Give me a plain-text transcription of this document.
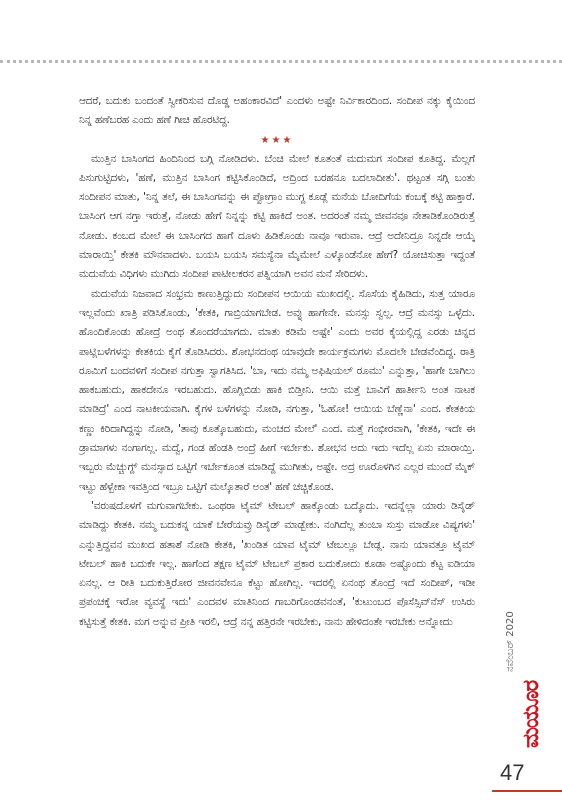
ಆದರೆ, ಬದುಕು ಬಂದಂತೆ ಸ್ವೀಕರಿಸುವ ದೊಡ್ಡ ಅಹಂಕಾರವಿದೆ' ಎಂದಳು ಅಷ್ಟೇ ನಿರ್ವಿಕಾರದಿಂದ. ಸಂದೀಪ ನಕ್ಕು ಕೈಯಿಂದ ನಿನ್ನ ಹಣೆಬರಹ ಎಂದು ಹಣೆ ಗೀಚಿ ಹೊರಟಿದ್ದ.

★★★

ಮುತ್ತಿನ ಬಾಸಿಂಗದ ಹಿಂದಿನಿಂದ ಬಗ್ಗಿ ನೋಡಿದಳು. ಬೆಂಚಿ ಮೇಲೆ ಕೂತಂತೆ ಮದುಮಗ ಸಂದೀಪ ಕೂತಿದ್ದ. ಮೆಲ್ಲಗೆ ಪಿಸುಗುಟ್ಟಿದಳು, 'ಹಣೆ, ಮುತ್ತಿನ ಬಾಸಿಂಗ ಕಟ್ಟಿಸಿಕೊಂಡಿದೆ, ಅದ್ರಿಂದ ಬರಹನೂ ಬದಲಾದೀತು'. ಥಟ್ಟಂತ ಸಗ್ಗಿ ಬಂತು ಸಂದೀಪನ ಮಾತು, 'ನಿನ್ನ ತಲೆ, ಈ ಬಾಸಿಂಗವನ್ನು ಈ ಪ್ಪೋಗ್ರಾಂ ಮುಗ್ದ ಕೂಡ್ಲೆ ಮನೆಯ ಬೋದಿಗೆಯ ಕಂಬಕ್ಕೆ ಕಟ್ಟಿ ಹಾಕ್ತಾರೆ. ಬಾಸಿಂಗ ಆಗ ನಗ್ತಾ ಇರುತ್ತೆ, ನೋಡು ಹೇಗೆ ನಿನ್ನನ್ನು ಕಟ್ಟಿ ಹಾಕಿದೆ ಅಂತ. ಅದರಂತೆ ನಮ್ಮ ಜೀವನವೂ ನೇತಾಡಿಕೊಂಡಿರುತ್ತೆ ನೋಡು. ಕಂಬದ ಮೇಲೆ ಈ ಬಾಸಿಂಗದ ಹಾಗೆ ದೂಳು ಹಿಡಿಕೊಂಡು ನಾವೂ ಇರುವಾ. ಆದ್ರೆ ಅದೇನಿದ್ರೂ ನಿನ್ನದೇ ಆಯ್ಕೆ ಮಾರಾಯ್ತಿ' ಕೇತಕಿ ಮೌನವಾದಳು. ಬಯಸಿ ಬಯಸಿ ಸಮಸ್ಯೆನಾ ಮೈಮೇಲೆ ಎಳ್ಕೊಂಡೆನೋ ಹೇಗೆ? ಯೋಚಿಸುತ್ತಾ ಇದ್ದಂತೆ ಮದುವೆಯ ವಿಧಿಗಳು ಮುಗಿದು ಸಂದೀಪ ಪಾಟೀಲಕರನ ಪತ್ನಿಯಾಗಿ ಅವನ ಮನೆ ಸೇರಿದಳು.

ಮದುವೆಯ ನಿಜವಾದ ಸಂಭ್ರಮ ಕಾಣುತ್ತಿದ್ದುದು ಸಂದೀಪನ ಆಯಿಯ ಮುಖದಲ್ಲಿ. ಸೊಸೆಯ ಕೈಹಿಡಿದು, ಸುತ್ತ ಯಾರೂ ಇಲ್ಲವೆಂದು ಖಾತ್ರಿ ಪಡಿಸಿಕೊಂಡು, 'ಕೇತಕಿ, ಗಾಬ್ರಿಯಾಗಬೇಡ. ಅವ್ನು ಹಾಗೇನೇ. ಮನಸ್ಸು ಸ್ವಲ್ಪ. ಆದ್ರೆ ಮನಸ್ಸು ಒಳ್ಳೆದು. ಹೊಂದಿಕೊಂಡು ಹೋದ್ರೆ ಅಂಥ ತೊಂದರೆಯಾಗದು. ಮಾತು ಕಡಿಮೆ ಅಷ್ಟೇ' ಎಂದು ಅವರ ಕೈಯಲ್ಲಿದ್ದ ಎರಡು ಚಿನ್ನದ ಪಾಟ್ಲಿಬಳೆಗಳನ್ನು ಕೇತಕಿಯ ಕೈಗೆ ತೊಡಿಸಿದರು. ಶೋಭನದಂಥ ಯಾವುದೇ ಕಾರ್ಯಕ್ರಮಗಳು ಮೊದಲೇ ಬೇಡವೆಂದಿದ್ದ. ರಾತ್ರಿ ರೂಮಿಗೆ ಬಂದವಳಿಗೆ ಸಂದೀಪ ನಗುತ್ತಾ ಸ್ವಾಗತಿಸಿದ. 'ಬಾ, ಇದು ನಮ್ಮ ಅಫಿಷಿಯಲ್ ರೂಮು' ಎನ್ನುತ್ತಾ, 'ಹಾಗೇ ಬಾಗಿಲು ಹಾಕಬಹುದು, ಹಾಕದೇನೂ ಇರಬಹುದು. ಹೊಗ್ಲಿಬಿಡು ಹಾಕಿ ಬಿಡ್ತೀನಿ. ಆಯಿ ಮತ್ತೆ ಬಾವಿಗೆ ಹಾರ್ತೀನಿ ಅಂತ ನಾಟಕ ಮಾಡಿದ್ರೆ' ಎಂದ ನಾಟಕೀಯವಾಗಿ. ಕೈಗಳ ಬಳೆಗಳನ್ನು ನೋಡಿ, ನಗುತ್ತಾ, 'ಓಹೋ! ಆಯಿಯ ಬೆಣ್ಣೆನಾ' ಎಂದ. ಕೇತಕಿಯ ಕಣ್ಣು ಕಿರಿದಾಗಿದ್ದನ್ನು ನೋಡಿ, 'ತಾವು ಕೂತ್ಕೊಬಹುದು, ಮಂಚದ ಮೇಲೆ' ಎಂದ. ಮತ್ತೆ ಗಂಭೀರವಾಗಿ, 'ಕೇತಕಿ, ಇದೇ ಈ ಡ್ರಾಮಾಗಳು ನಂಗಾಗಲ್ಲ. ಮದ್ವೆ, ಗಂಡ ಹೆಂಡತಿ ಅಂದ್ರೆ ಹೀಗೆ ಇರ್ಬೇಕು. ಶೋಭನ ಅದು ಇದು ಇದೆಲ್ಲ ಏನು ಮಾರಾಯ್ತಿ. ಇಬ್ಬರು ಮೆಚ್ಚುಗ್ದ್ ಮನಸ್ಸಾದ ಒಟ್ಟಿಗೆ ಇರ್ಬೇಕೂಂತ ಮಾಡಿದ್ದೆ ಮುಗೀತು, ಅಷ್ಟೇ. ಅದ್ರ ಊರೊಳಗಿನ ಎಲ್ಲರ ಮುಂದೆ ಮೈಕ್ ಇಟ್ಟು ಹೆಳ್ಬೇಕಾ ಇವತ್ತಿಂದ ಇಬ್ರೂ ಒಟ್ಟಿಗೆ ಮಲ್ಕೊತಾರೆ ಅಂತ' ಹಣೆ ಚಚ್ಚಿಕೊಂಡ.

'ವರುಷದೊಳಗೆ ಮಗುವಾಗಬೇಕು. ಒಂಥರಾ ಟೈಮ್ ಟೇಬಲ್ ಹಾಕ್ಕೊಂಡು ಬದ್ಕೊದು. ಇದನ್ನೆಲ್ಲಾ ಯಾರು ಡಿಸೈಡ್ ಮಾಡಿದ್ದು ಕೇತಕಿ. ನಮ್ಮ ಬದುಕನ್ನ ಯಾಕೆ ಬೇರೆಯವ್ರು ಡಿಸೈಡ್ ಮಾಡ್ಬೇಕು. ನಂಗಿದೆಲ್ಲ ತುಂಬಾ ಸುಸ್ತು ಮಾಡೋ ವಿಷ್ಯಗಳು' ಎನ್ನುತ್ತಿದ್ದವನ ಮುಖದ ಹತಾಶೆ ನೋಡಿ ಕೇತಕಿ, 'ಖಂಡಿತ ಯಾವ ಟೈಮ್ ಟೇಬಲ್ಲೂ ಬೇಡ್ಲ. ನಾನು ಯಾವತ್ತೂ ಟೈಮ್ ಟೇಬಲ್ ಹಾಕಿ ಬದುಕೇ ಇಲ್ಲ. ಹಾಗೆಂದ ತಕ್ಷಣ ಟೈಮ್ ಟೇಬಲ್ ಪ್ರಕಾರ ಬದುಕೋದು ಕೂಡಾ ಅಷ್ಟೊಂದು ಕೆಟ್ಟ ಐಡಿಯಾ ಏನಲ್ಲ. ಆ ರೀತಿ ಬದುಕುತ್ತಿರೋರ ಜೀವನವೇನೂ ಕೆಟ್ಟು ಹೋಗಿಲ್ಲ. ಇದರಲ್ಲಿ ಏನಂಥ ತೊಂದ್ರೆ ಇದೆ ಸಂದೀಪ್, ಇಡೀ ಪ್ರಪಂಚಕ್ಕೆ ಇರೋ ವ್ಯವಸ್ಥೆ ಇದು' ಎಂದವಳ ಮಾತಿನಿಂದ ಗಾಬರಿಗೊಂಡವನಂತೆ, 'ಕುಟುಂಬದ ಪೊಸೆಸ್ಸಿವ್‌ನೆಸ್ ಉಸಿರು ಕಟ್ಟಿಸುತ್ತೆ ಕೇತಕಿ. ಮಗ ಅನ್ನುವ ಪ್ರೀತಿ ಇರಲಿ, ಆದ್ರೆ ನನ್ನ ಹತ್ತಿರನೇ ಇರಬೇಕು, ನಾನು ಹೇಳಿದಂತೇ ಇರಬೇಕು ಅನ್ನೋದು	ನವೆಂಬರ್ 2020
ಮಯೂರ
47
